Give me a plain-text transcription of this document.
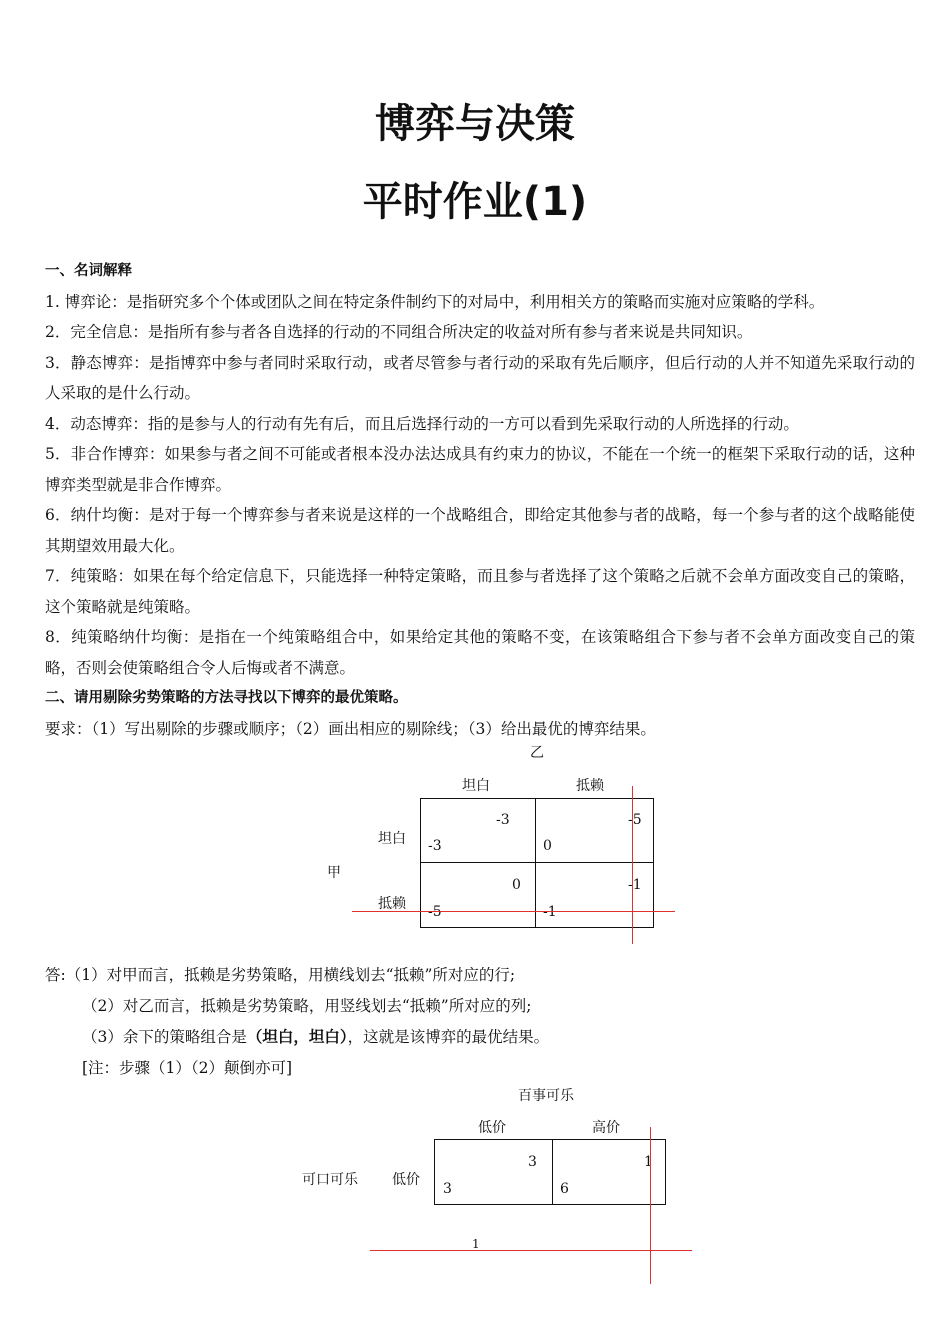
博弈与决策
平时作业(1)

一、名词解释

1. 博弈论：是指研究多个个体或团队之间在特定条件制约下的对局中，利用相关方的策略而实施对应策略的学科。

2．完全信息：是指所有参与者各自选择的行动的不同组合所决定的收益对所有参与者来说是共同知识。

3．静态博弈：是指博弈中参与者同时采取行动，或者尽管参与者行动的采取有先后顺序，但后行动的人并不知道先采取行动的人采取的是什么行动。

4．动态博弈：指的是参与人的行动有先有后，而且后选择行动的一方可以看到先采取行动的人所选择的行动。

5．非合作博弈：如果参与者之间不可能或者根本没办法达成具有约束力的协议，不能在一个统一的框架下采取行动的话，这种博弈类型就是非合作博弈。

6．纳什均衡：是对于每一个博弈参与者来说是这样的一个战略组合，即给定其他参与者的战略，每一个参与者的这个战略能使其期望效用最大化。

7．纯策略：如果在每个给定信息下，只能选择一种特定策略，而且参与者选择了这个策略之后就不会单方面改变自己的策略，这个策略就是纯策略。

8．纯策略纳什均衡：是指在一个纯策略组合中，如果给定其他的策略不变，在该策略组合下参与者不会单方面改变自己的策略，否则会使策略组合令人后悔或者不满意。

二、请用剔除劣势策略的方法寻找以下博弈的最优策略。

要求：（1）写出剔除的步骤或顺序；（2）画出相应的剔除线；（3）给出最优的博弈结果。

乙
坦白	抵赖
甲
坦白
抵赖
-3
-3
-5
0
0
-5
-1
-1
答:（1）对甲而言，抵赖是劣势策略，用横线划去“抵赖”所对应的行;
（2）对乙而言，抵赖是劣势策略，用竖线划去“抵赖”所对应的列;
（3）余下的策略组合是（坦白，坦白），这就是该博弈的最优结果。
[注：步骤（1）（2）颠倒亦可]
百事可乐
低价	高价
可口可乐 低价
3
3
1
6
1
